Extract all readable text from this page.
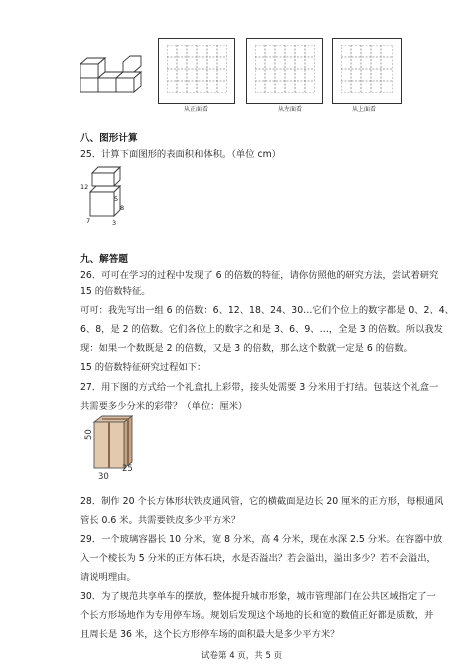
从正面看	从左面看	从上面看
八、图形计算
25．计算下面图形的表面积和体积。（单位 cm）
12
5
8
7	3
九、解答题
26．可可在学习的过程中发现了 6 的倍数的特征，请你仿照他的研究方法，尝试着研究
15 的倍数特征。
可可：我先写出一组 6 的倍数：6、12、18、24、30…它们个位上的数字都是 0、2、4、
6、8，是 2 的倍数。它们各位上的数字之和是 3、6、9、…，全是 3 的倍数。所以我发
现：如果一个数既是 2 的倍数，又是 3 的倍数，那么这个数就一定是 6 的倍数。
15 的倍数特征研究过程如下：
27．用下图的方式给一个礼盒扎上彩带，接头处需要 3 分米用于打结。包装这个礼盒一
共需要多少分米的彩带？（单位：厘米）
50
25
30
28．制作 20 个长方体形状铁皮通风管，它的横截面是边长 20 厘米的正方形，每根通风
管长 0.6 米。共需要铁皮多少平方米？
29．一个玻璃容器长 10 分米，宽 8 分米，高 4 分米，现在水深 2.5 分米。在容器中放
入一个棱长为 5 分米的正方体石块，水是否溢出？若会溢出，溢出多少？若不会溢出，
请说明理由。
30．为了规范共享单车的摆放，整体提升城市形象，城市管理部门在公共区域指定了一
个长方形场地作为专用停车场。规划后发现这个场地的长和宽的数值正好都是质数，并
且周长是 36 米，这个长方形停车场的面积最大是多少平方米？
试卷第 4 页，共 5 页
